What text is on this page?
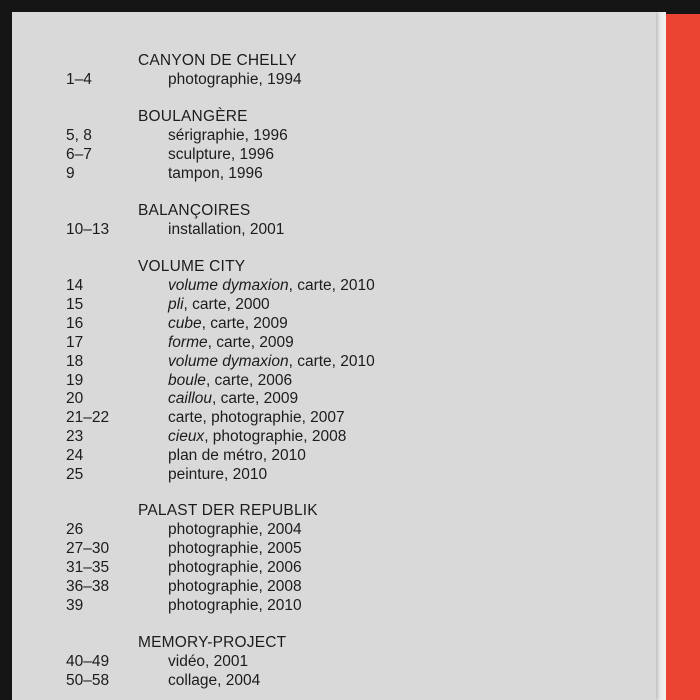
CANYON DE CHELLY
1–4	photographie, 1994
BOULANGÈRE
5, 8	sérigraphie, 1996
6–7	sculpture, 1996
9	tampon, 1996
BALANÇOIRES
10–13	installation, 2001
VOLUME CITY
14	volume dymaxion, carte, 2010
15	pli, carte, 2000
16	cube, carte, 2009
17	forme, carte, 2009
18	volume dymaxion, carte, 2010
19	boule, carte, 2006
20	caillou, carte, 2009
21–22	carte, photographie, 2007
23	cieux, photographie, 2008
24	plan de métro, 2010
25	peinture, 2010
PALAST DER REPUBLIK
26	photographie, 2004
27–30	photographie, 2005
31–35	photographie, 2006
36–38	photographie, 2008
39	photographie, 2010
MEMORY-PROJECT
40–49	vidéo, 2001
50–58	collage, 2004
